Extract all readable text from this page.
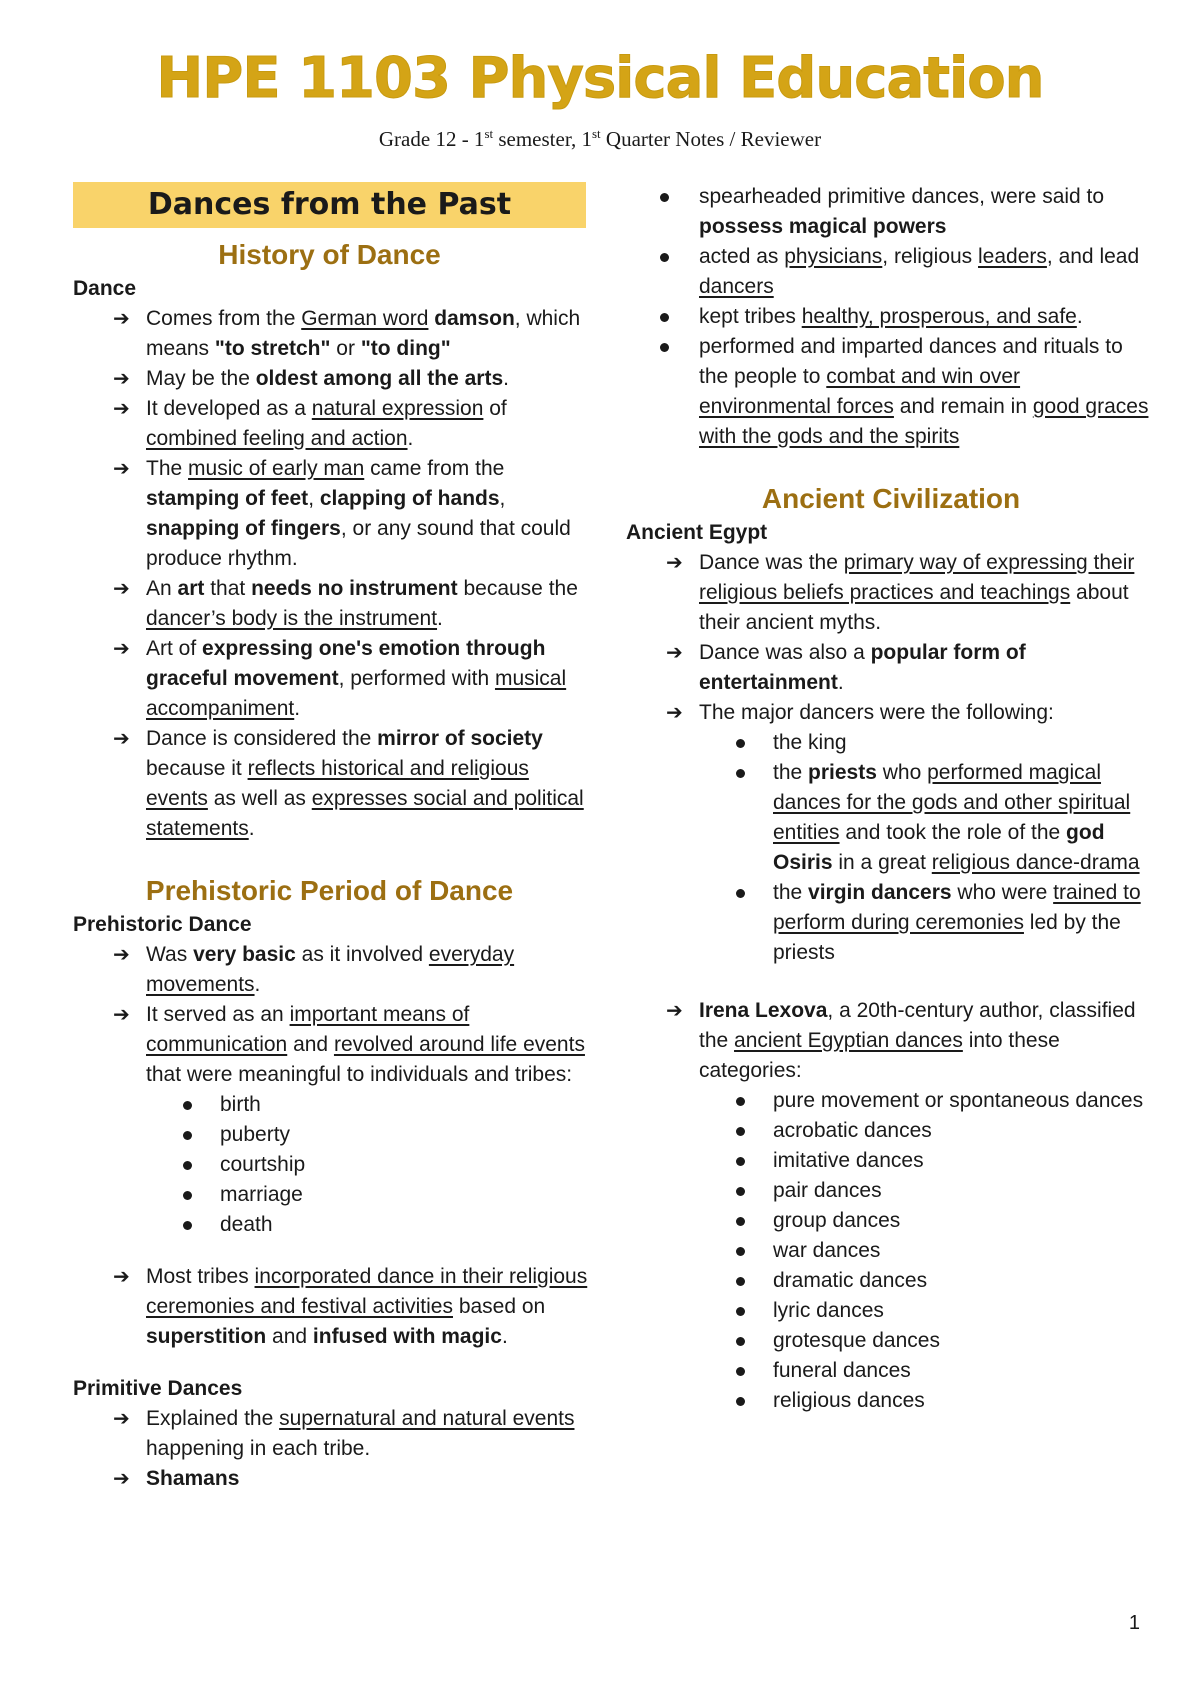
HPE 1103 Physical Education
Grade 12 - 1st semester, 1st Quarter Notes / Reviewer
Dances from the Past
History of Dance

Dance

➔ Comes from the German word damson, which means "to stretch" or "to ding"
➔ May be the oldest among all the arts.
➔ It developed as a natural expression of combined feeling and action.
➔ The music of early man came from the stamping of feet, clapping of hands, snapping of fingers, or any sound that could produce rhythm.
➔ An art that needs no instrument because the dancer’s body is the instrument.
➔ Art of expressing one's emotion through graceful movement, performed with musical accompaniment.
➔ Dance is considered the mirror of society because it reflects historical and religious events as well as expresses social and political statements.
Prehistoric Period of Dance

Prehistoric Dance

➔ Was very basic as it involved everyday movements.
➔ It served as an important means of communication and revolved around life events that were meaningful to individuals and tribes:
birth
puberty
courtship
marriage
death
➔ Most tribes incorporated dance in their religious ceremonies and festival activities based on superstition and infused with magic.

Primitive Dances

➔ Explained the supernatural and natural events happening in each tribe.
➔ Shamans
spearheaded primitive dances, were said to possess magical powers
acted as physicians, religious leaders, and lead dancers
kept tribes healthy, prosperous, and safe.
performed and imparted dances and rituals to the people to combat and win over environmental forces and remain in good graces with the gods and the spirits
Ancient Civilization

Ancient Egypt

➔ Dance was the primary way of expressing their religious beliefs practices and teachings about their ancient myths.
➔ Dance was also a popular form of entertainment.
➔ The major dancers were the following:
the king
the priests who performed magical dances for the gods and other spiritual entities and took the role of the god Osiris in a great religious dance-drama
the virgin dancers who were trained to perform during ceremonies led by the priests
➔ Irena Lexova, a 20th-century author, classified the ancient Egyptian dances into these categories:
pure movement or spontaneous dances
acrobatic dances
imitative dances
pair dances
group dances
war dances
dramatic dances
lyric dances
grotesque dances
funeral dances
religious dances
1
